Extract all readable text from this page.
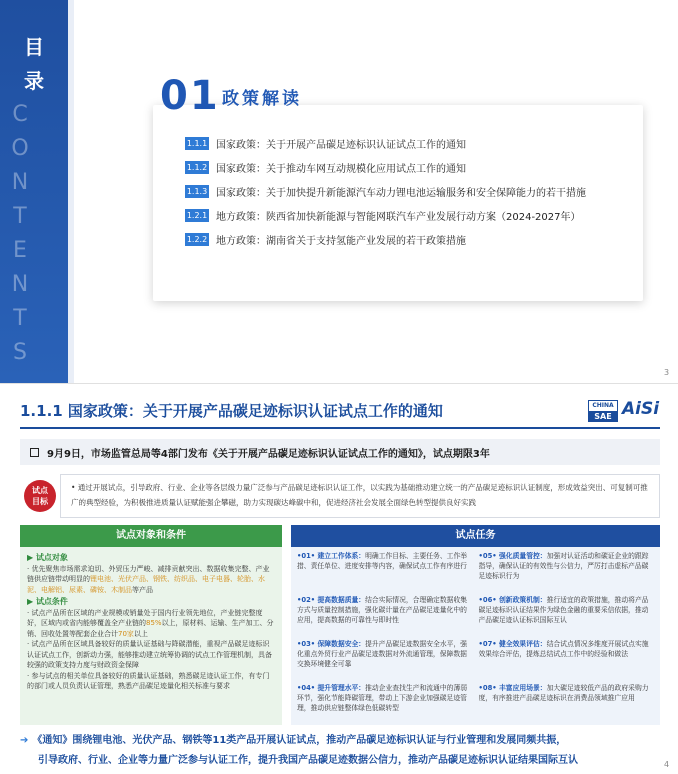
目
录
C
O
N
T
E
N
T
S
01 政策解读
1.1.1 国家政策：关于开展产品碳足迹标识认证试点工作的通知
1.1.2 国家政策：关于推动车网互动规模化应用试点工作的通知
1.1.3 国家政策：关于加快提升新能源汽车动力锂电池运输服务和安全保障能力的若干措施
1.2.1 地方政策：陕西省加快新能源与智能网联汽车产业发展行动方案（2024-2027年）
1.2.2 地方政策：湖南省关于支持氢能产业发展的若干政策措施
3
1.1.1 国家政策：关于开展产品碳足迹标识认证试点工作的通知	CHINA
SAE AiSi
9月9日，市场监管总局等4部门发布《关于开展产品碳足迹标识认证试点工作的通知》，试点期限3年
试点
目标
• 通过开展试点，引导政府、行业、企业等各层级力量广泛参与产品碳足迹标识认证工作，以实践为基础推动建立统一的产品碳足迹标识认证制度，形成效益突出、可复制可推广的典型经验，为积极推进质量认证赋能强企攀磁，助力实现碳达峰碳中和，促进经济社会发展全面绿色转型提供良好实践
试点对象和条件
▶ 试点对象
· 优先聚焦市场需求迫切、外贸压力严峻、减排贡献突出、数据收集完整、产业链供应链带动明显的锂电池、光伏产品、钢铁、纺织品、电子电器、轮胎、水泥、电解铝、尿素、磷铵、木制品等产品
▶ 试点条件
· 试点产品所在区域的产业规模或销量处于国内行业领先地位，产业链完整度好，区域内或省内能够覆盖全产业链的85%以上，原材料、运输、生产加工、分销、回收处置等配套企业合计70家以上
· 试点产品所在区域具备较好的质量认证基础与降碳潜能，重视产品碳足迹标识认证试点工作，创新动力强，能够推动建立统筹协调的试点工作管理机制，具备较强的政策支持力度与财政资金保障
· 参与试点的相关单位具备较好的质量认证基础，熟悉碳足迹认证工作，有专门的部门或人员负责认证管理，熟悉产品碳足迹量化相关标准与要求
试点任务
•01• 建立工作体系：明确工作目标、主要任务、工作举措、责任单位、进度安排等内容，确保试点工作有序进行
•05• 强化质量管控：加强对认证活动和碳证企业的跟踪指导，确保认证的有效性与公信力，严厉打击虚标产品碳足迹标识行为
•02• 提高数据质量：结合实际情况，合理确定数据收集方式与质量控制措施，强化碳计量在产品碳足迹量化中的应用，提高数据的可靠性与即时性
•06• 创新政策机制：推行适宜的政策措施，推动将产品碳足迹标识认证结果作为绿色金融的重要采信依据，推动产品碳足迹认证标识国际互认
•03• 保障数据安全：提升产品碳足迹数据安全水平，强化重点外贸行业产品碳足迹数据对外流通管理，保障数据交换环境健全可靠
•07• 健全效果评估：结合试点情况多维度开展试点实施效果综合评估，提炼总结试点工作中的经验和做法
•04• 提升管理水平：推动企业查找生产和流通中的薄弱环节，强化节能降碳管理，带动上下游企业加强碳足迹管理，推动供应链整体绿色低碳转型
•08• 丰富应用场景：加大碳足迹较低产品的政府采购力度，有序推进产品碳足迹标识在消费品领域推广应用
➔ 《通知》围绕锂电池、光伏产品、钢铁等11类产品开展认证试点，推动产品碳足迹标识认证与行业管理和发展同频共振，
引导政府、行业、企业等力量广泛参与认证工作，提升我国产品碳足迹数据公信力，推动产品碳足迹标识认证结果国际互认	4
